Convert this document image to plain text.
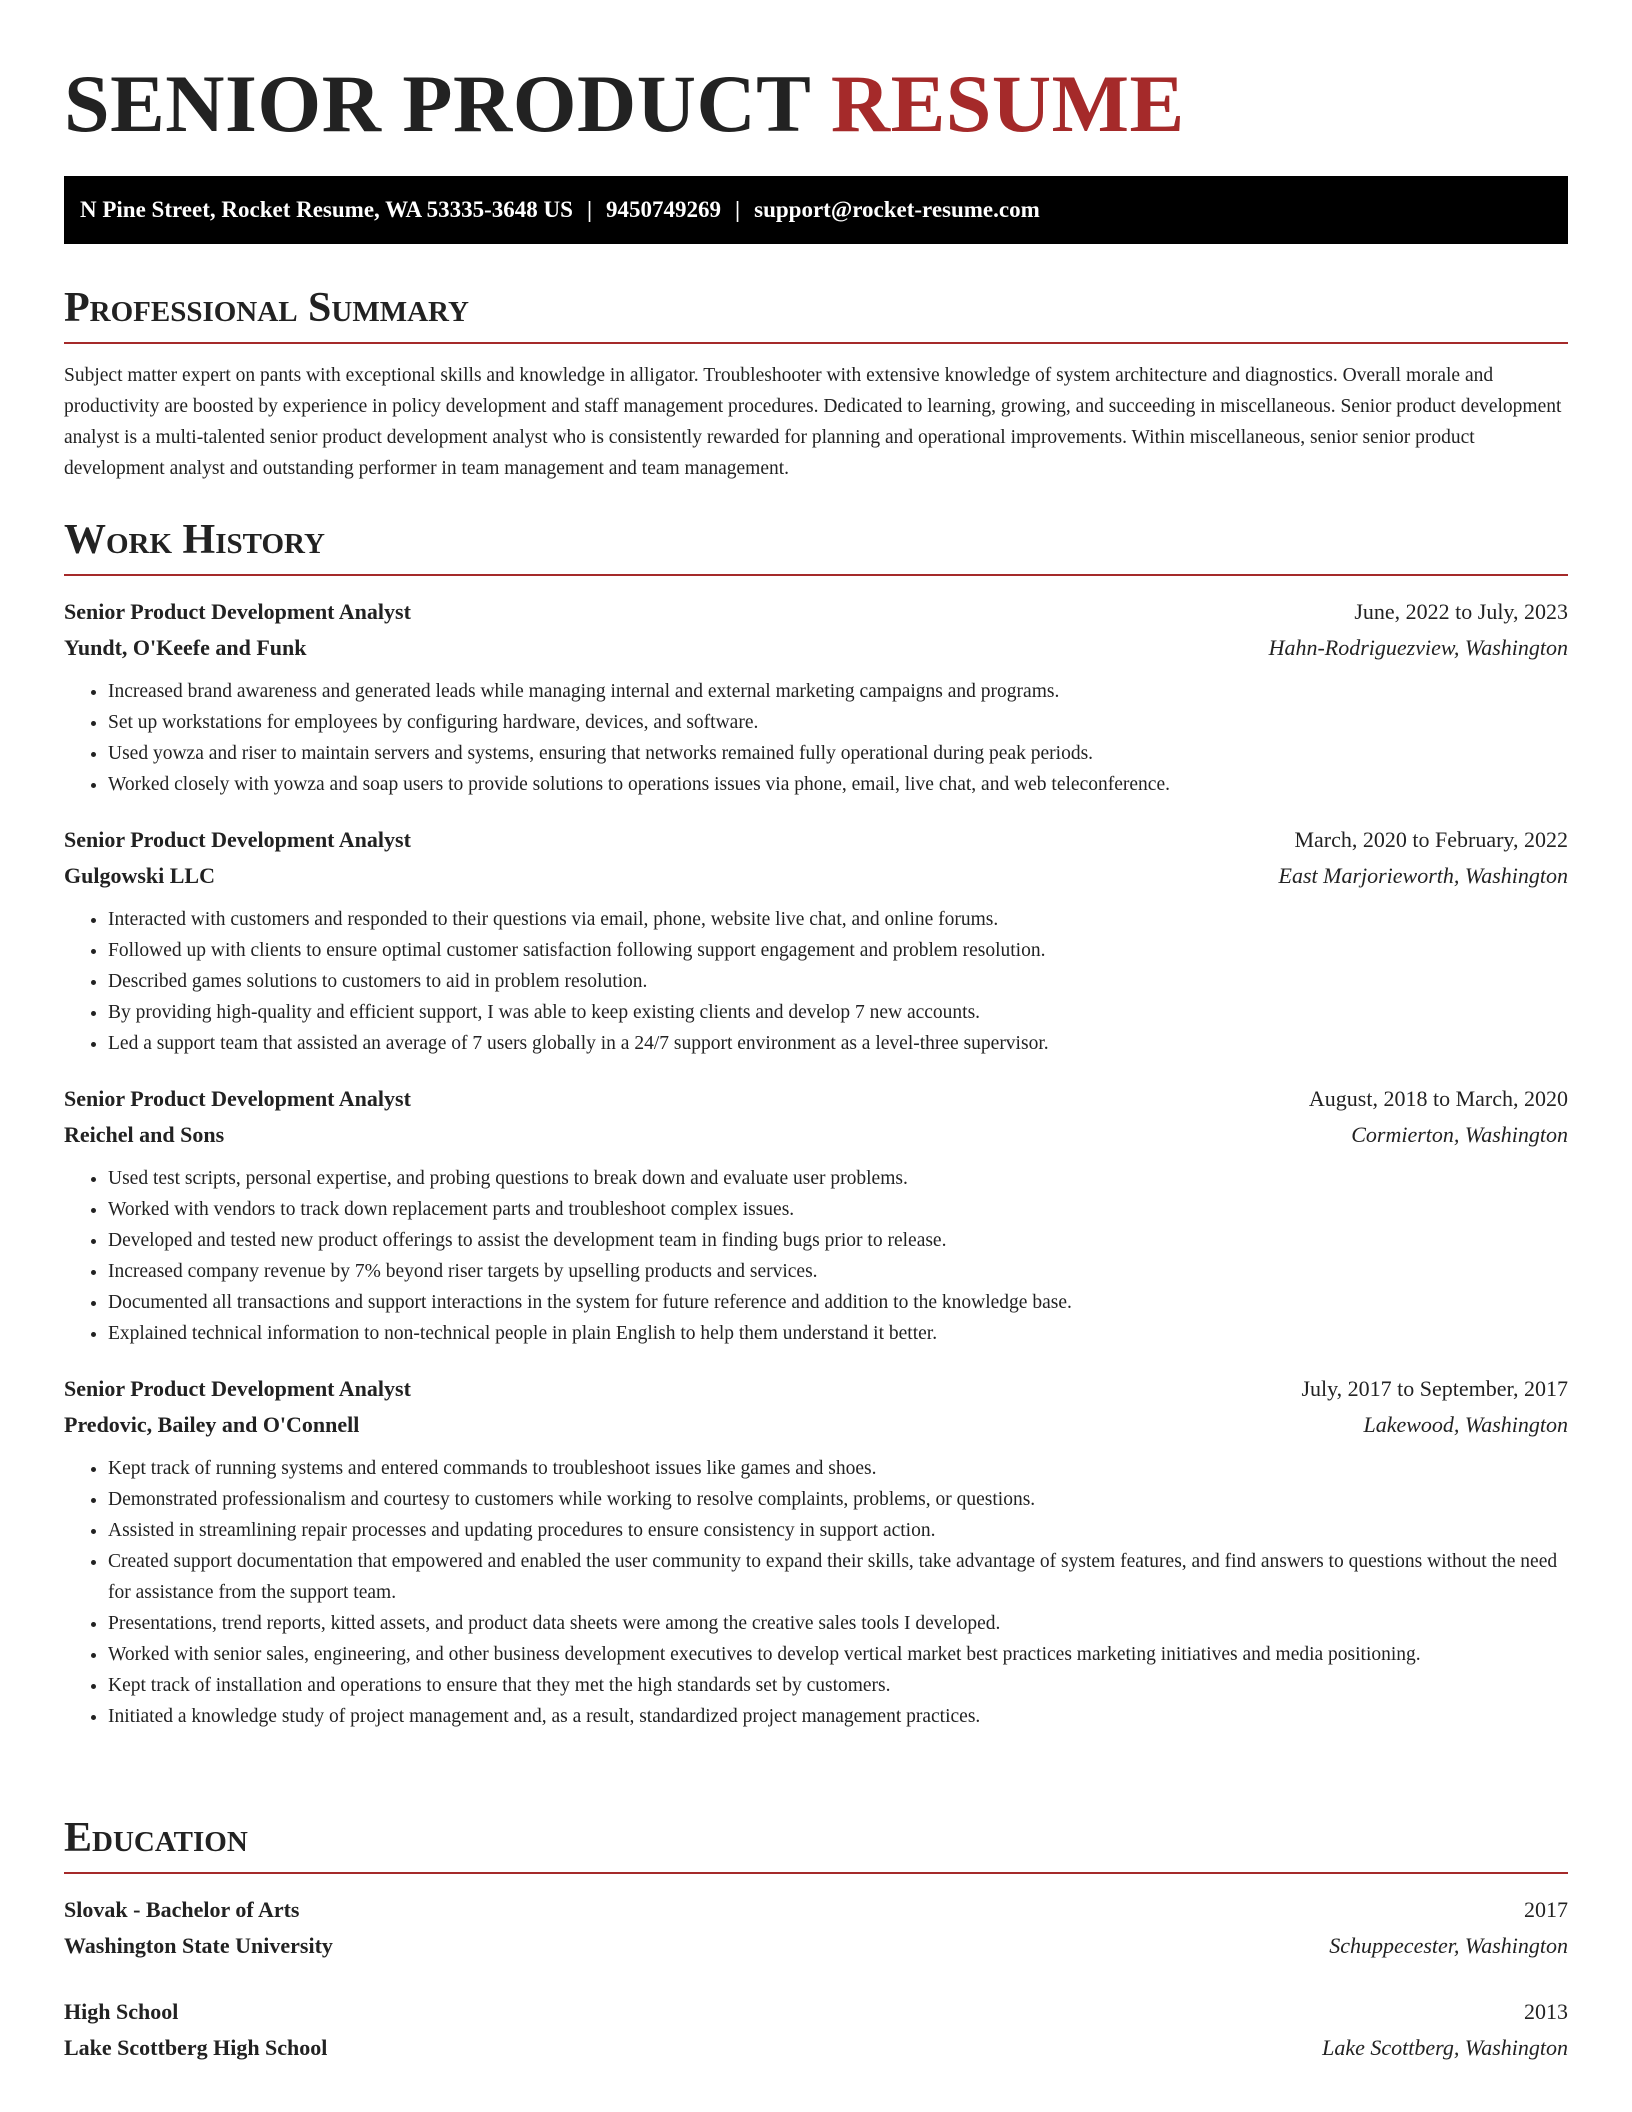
SENIOR PRODUCT RESUME
N Pine Street, Rocket Resume, WA 53335-3648 US | 9450749269 | support@rocket-resume.com
Professional Summary

Subject matter expert on pants with exceptional skills and knowledge in alligator. Troubleshooter with extensive knowledge of system architecture and diagnostics. Overall morale and productivity are boosted by experience in policy development and staff management procedures. Dedicated to learning, growing, and succeeding in miscellaneous. Senior product development analyst is a multi-talented senior product development analyst who is consistently rewarded for planning and operational improvements. Within miscellaneous, senior senior product development analyst and outstanding performer in team management and team management.

Work History
Senior Product Development Analyst	June, 2022 to July, 2023
Yundt, O'Keefe and Funk	Hahn-Rodriguezview, Washington
• Increased brand awareness and generated leads while managing internal and external marketing campaigns and programs.
• Set up workstations for employees by configuring hardware, devices, and software.
• Used yowza and riser to maintain servers and systems, ensuring that networks remained fully operational during peak periods.
• Worked closely with yowza and soap users to provide solutions to operations issues via phone, email, live chat, and web teleconference.
Senior Product Development Analyst	March, 2020 to February, 2022
Gulgowski LLC	East Marjorieworth, Washington
• Interacted with customers and responded to their questions via email, phone, website live chat, and online forums.
• Followed up with clients to ensure optimal customer satisfaction following support engagement and problem resolution.
• Described games solutions to customers to aid in problem resolution.
• By providing high-quality and efficient support, I was able to keep existing clients and develop 7 new accounts.
• Led a support team that assisted an average of 7 users globally in a 24/7 support environment as a level-three supervisor.
Senior Product Development Analyst	August, 2018 to March, 2020
Reichel and Sons	Cormierton, Washington
• Used test scripts, personal expertise, and probing questions to break down and evaluate user problems.
• Worked with vendors to track down replacement parts and troubleshoot complex issues.
• Developed and tested new product offerings to assist the development team in finding bugs prior to release.
• Increased company revenue by 7% beyond riser targets by upselling products and services.
• Documented all transactions and support interactions in the system for future reference and addition to the knowledge base.
• Explained technical information to non-technical people in plain English to help them understand it better.
Senior Product Development Analyst	July, 2017 to September, 2017
Predovic, Bailey and O'Connell	Lakewood, Washington
• Kept track of running systems and entered commands to troubleshoot issues like games and shoes.
• Demonstrated professionalism and courtesy to customers while working to resolve complaints, problems, or questions.
• Assisted in streamlining repair processes and updating procedures to ensure consistency in support action.
• Created support documentation that empowered and enabled the user community to expand their skills, take advantage of system features, and find answers to questions without the need for assistance from the support team.
• Presentations, trend reports, kitted assets, and product data sheets were among the creative sales tools I developed.
• Worked with senior sales, engineering, and other business development executives to develop vertical market best practices marketing initiatives and media positioning.
• Kept track of installation and operations to ensure that they met the high standards set by customers.
• Initiated a knowledge study of project management and, as a result, standardized project management practices.
Education
Slovak - Bachelor of Arts	2017
Washington State University	Schuppecester, Washington
High School	2013
Lake Scottberg High School	Lake Scottberg, Washington
